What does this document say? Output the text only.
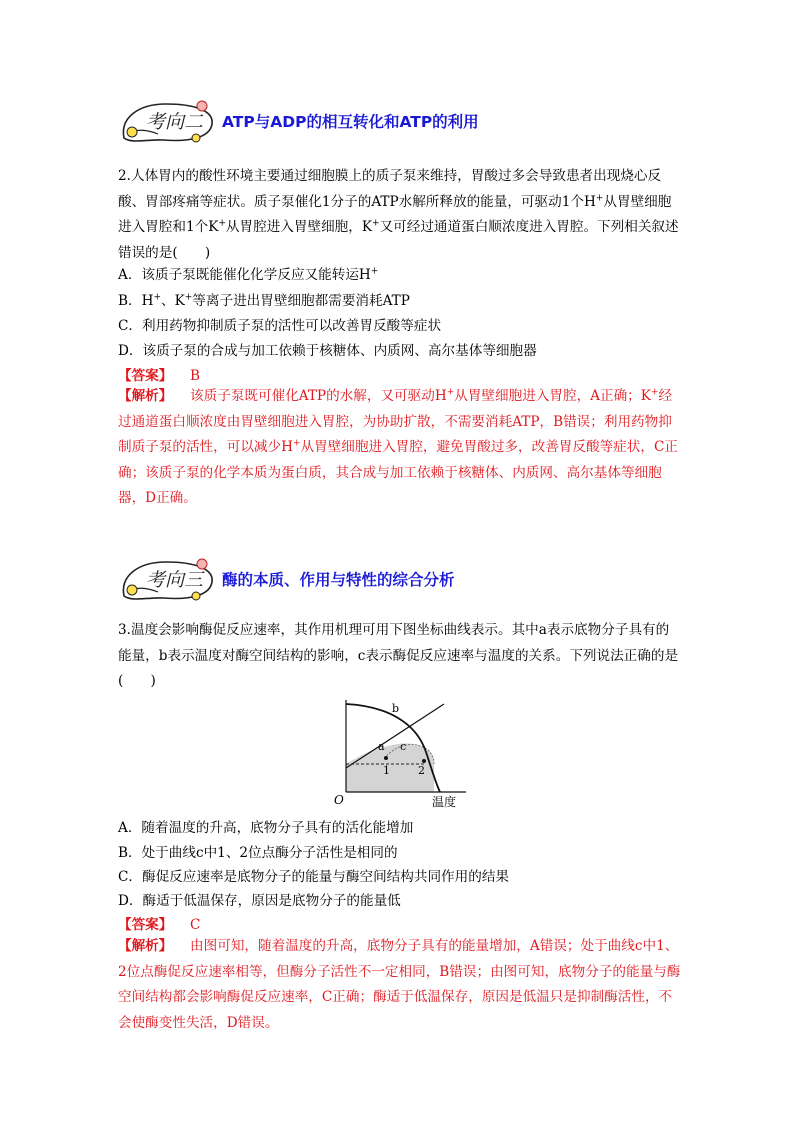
考向二 ATP与ADP的相互转化和ATP的利用

2.人体胃内的酸性环境主要通过细胞膜上的质子泵来维持，胃酸过多会导致患者出现烧心反酸、胃部疼痛等症状。质子泵催化1分子的ATP水解所释放的能量，可驱动1个H+从胃壁细胞进入胃腔和1个K+从胃腔进入胃壁细胞，K+又可经过通道蛋白顺浓度进入胃腔。下列相关叙述错误的是(　　)

A．该质子泵既能催化化学反应又能转运H+
B．H+、K+等离子进出胃壁细胞都需要消耗ATP
C．利用药物抑制质子泵的活性可以改善胃反酸等症状
D．该质子泵的合成与加工依赖于核糖体、内质网、高尔基体等细胞器
【答案】 B

【解析】 该质子泵既可催化ATP的水解，又可驱动H+从胃壁细胞进入胃腔，A正确；K+经过通道蛋白顺浓度由胃壁细胞进入胃腔，为协助扩散，不需要消耗ATP，B错误；利用药物抑制质子泵的活性，可以减少H+从胃壁细胞进入胃腔，避免胃酸过多，改善胃反酸等症状，C正确；该质子泵的化学本质为蛋白质，其合成与加工依赖于核糖体、内质网、高尔基体等细胞器，D正确。

考向三 酶的本质、作用与特性的综合分析

3.温度会影响酶促反应速率，其作用机理可用下图坐标曲线表示。其中a表示底物分子具有的能量，b表示温度对酶空间结构的影响，c表示酶促反应速率与温度的关系。下列说法正确的是(　　)

b
a c
1	2
O	温度
A．随着温度的升高，底物分子具有的活化能增加
B．处于曲线c中1、2位点酶分子活性是相同的
C．酶促反应速率是底物分子的能量与酶空间结构共同作用的结果
D．酶适于低温保存，原因是底物分子的能量低
【答案】 C

【解析】 由图可知，随着温度的升高，底物分子具有的能量增加，A错误；处于曲线c中1、2位点酶促反应速率相等，但酶分子活性不一定相同，B错误；由图可知，底物分子的能量与酶空间结构都会影响酶促反应速率，C正确；酶适于低温保存，原因是低温只是抑制酶活性，不会使酶变性失活，D错误。
